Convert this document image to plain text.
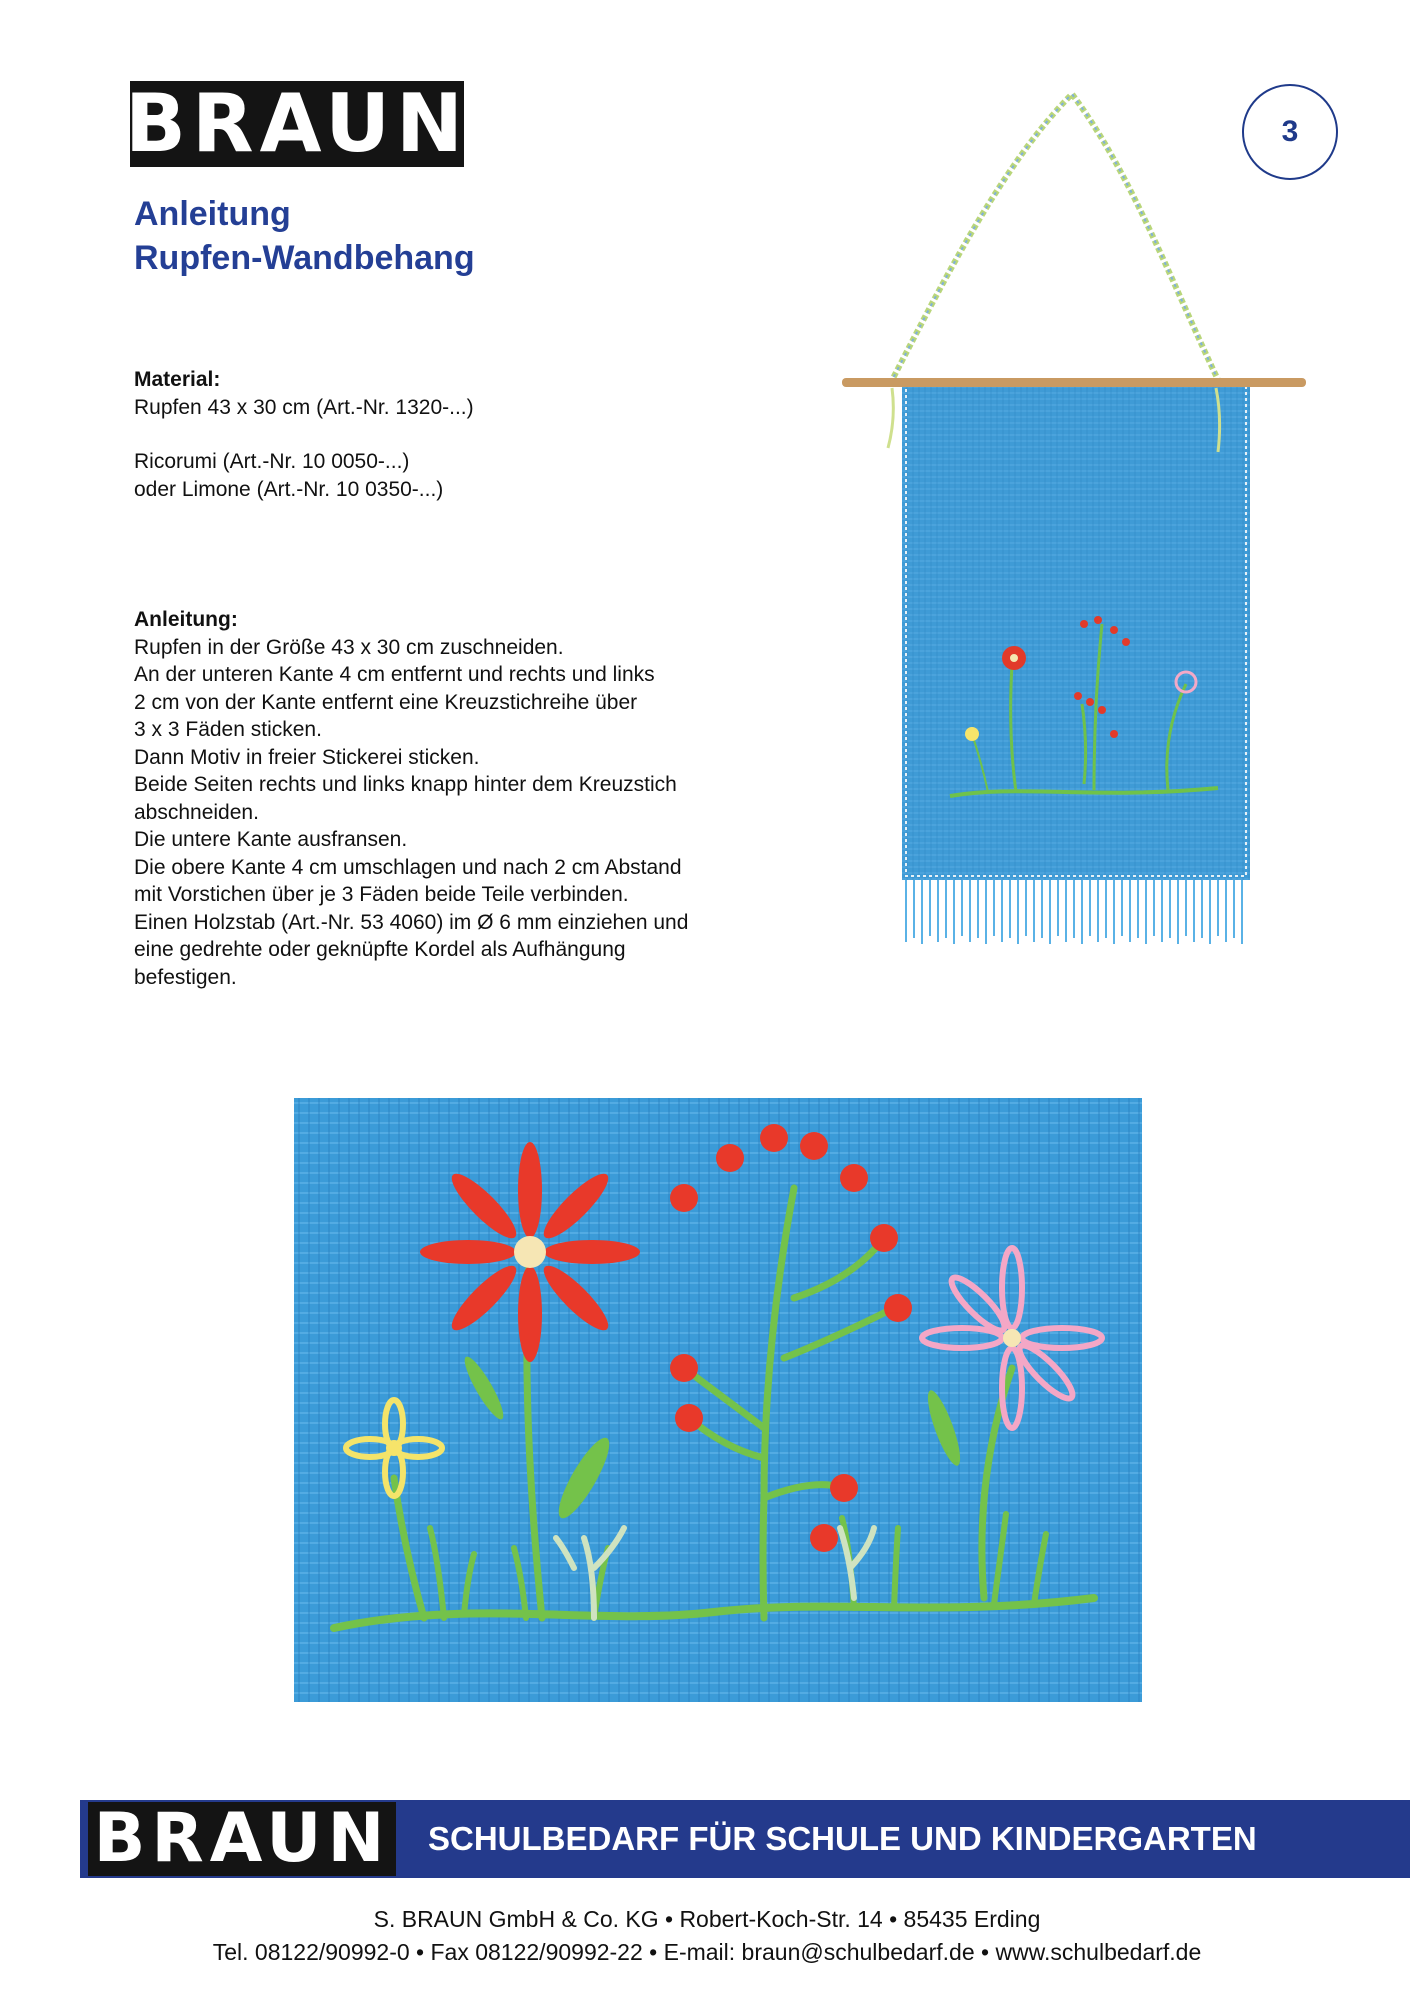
BRAUN	3
Anleitung
Rupfen-Wandbehang
Material:
Rupfen 43 x 30 cm (Art.-Nr. 1320-...)
Ricorumi (Art.-Nr. 10 0050-...)
oder Limone (Art.-Nr. 10 0350-...)
Anleitung:
Rupfen in der Größe 43 x 30 cm zuschneiden.
An der unteren Kante 4 cm entfernt und rechts und links
2 cm von der Kante entfernt eine Kreuzstichreihe über
3 x 3 Fäden sticken.
Dann Motiv in freier Stickerei sticken.
Beide Seiten rechts und links knapp hinter dem Kreuzstich
abschneiden.
Die untere Kante ausfransen.
Die obere Kante 4 cm umschlagen und nach 2 cm Abstand
mit Vorstichen über je 3 Fäden beide Teile verbinden.
Einen Holzstab (Art.-Nr. 53 4060) im Ø 6 mm einziehen und
eine gedrehte oder geknüpfte Kordel als Aufhängung
befestigen.
BRAUN SCHULBEDARF FÜR SCHULE UND KINDERGARTEN
S. BRAUN GmbH & Co. KG • Robert-Koch-Str. 14 • 85435 Erding
Tel. 08122/90992-0 • Fax 08122/90992-22 • E-mail: braun@schulbedarf.de • www.schulbedarf.de
